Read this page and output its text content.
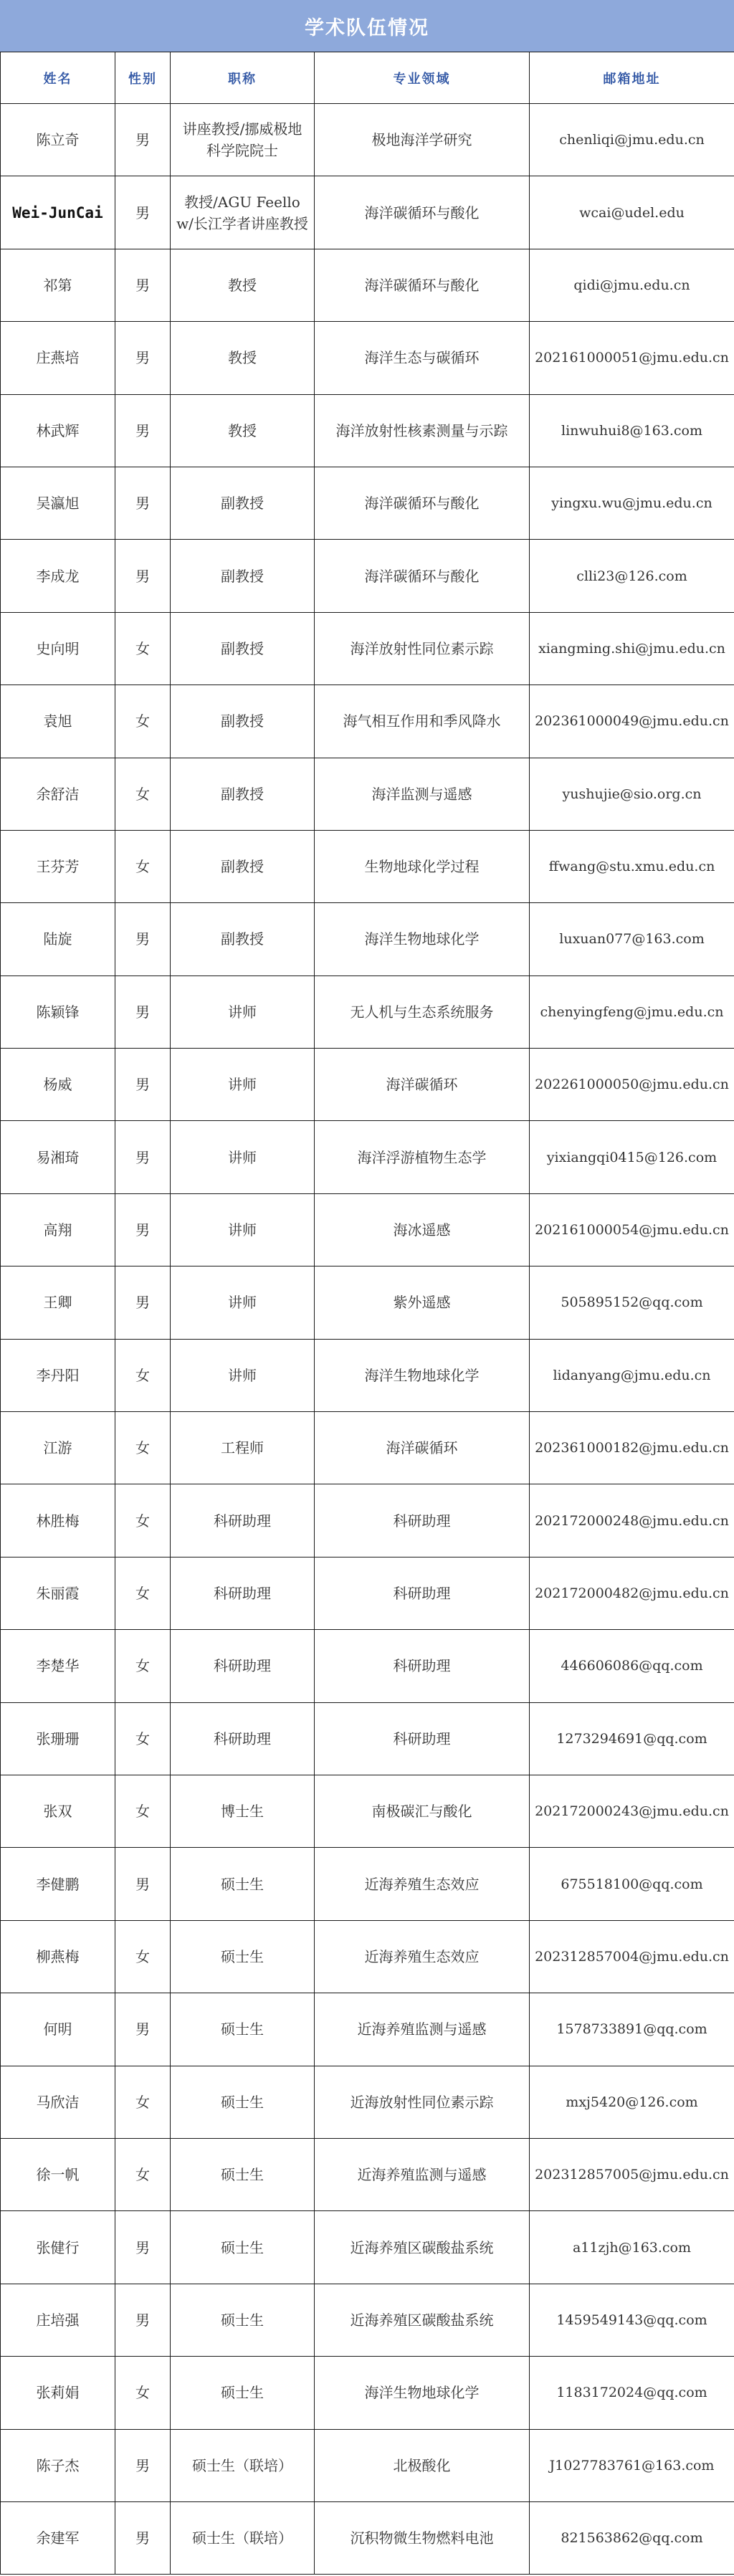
学术队伍情况
姓名	性别	职称	专业领域	邮箱地址
陈立奇	男	讲座教授/挪威极地科学院院士	极地海洋学研究	chenliqi@jmu.edu.cn
Wei-JunCai	男	教授/AGU Feellow/长江学者讲座教授	海洋碳循环与酸化	wcai@udel.edu
祁第	男	教授	海洋碳循环与酸化	qidi@jmu.edu.cn
庄燕培	男	教授	海洋生态与碳循环	202161000051@jmu.edu.cn
林武辉	男	教授	海洋放射性核素测量与示踪	linwuhui8@163.com
吴瀛旭	男	副教授	海洋碳循环与酸化	yingxu.wu@jmu.edu.cn
李成龙	男	副教授	海洋碳循环与酸化	clli23@126.com
史向明	女	副教授	海洋放射性同位素示踪	xiangming.shi@jmu.edu.cn
袁旭	女	副教授	海气相互作用和季风降水	202361000049@jmu.edu.cn
余舒洁	女	副教授	海洋监测与遥感	yushujie@sio.org.cn
王芬芳	女	副教授	生物地球化学过程	ffwang@stu.xmu.edu.cn
陆旋	男	副教授	海洋生物地球化学	luxuan077@163.com
陈颖锋	男	讲师	无人机与生态系统服务	chenyingfeng@jmu.edu.cn
杨威	男	讲师	海洋碳循环	202261000050@jmu.edu.cn
易湘琦	男	讲师	海洋浮游植物生态学	yixiangqi0415@126.com
高翔	男	讲师	海冰遥感	202161000054@jmu.edu.cn
王卿	男	讲师	紫外遥感	505895152@qq.com
李丹阳	女	讲师	海洋生物地球化学	lidanyang@jmu.edu.cn
江游	女	工程师	海洋碳循环	202361000182@jmu.edu.cn
林胜梅	女	科研助理	科研助理	202172000248@jmu.edu.cn
朱丽霞	女	科研助理	科研助理	202172000482@jmu.edu.cn
李楚华	女	科研助理	科研助理	446606086@qq.com
张珊珊	女	科研助理	科研助理	1273294691@qq.com
张双	女	博士生	南极碳汇与酸化	202172000243@jmu.edu.cn
李健鹏	男	硕士生	近海养殖生态效应	675518100@qq.com
柳燕梅	女	硕士生	近海养殖生态效应	202312857004@jmu.edu.cn
何明	男	硕士生	近海养殖监测与遥感	1578733891@qq.com
马欣洁	女	硕士生	近海放射性同位素示踪	mxj5420@126.com
徐一帆	女	硕士生	近海养殖监测与遥感	202312857005@jmu.edu.cn
张健行	男	硕士生	近海养殖区碳酸盐系统	a11zjh@163.com
庄培强	男	硕士生	近海养殖区碳酸盐系统	1459549143@qq.com
张莉娟	女	硕士生	海洋生物地球化学	1183172024@qq.com
陈子杰	男	硕士生（联培）	北极酸化	J1027783761@163.com
余建军	男	硕士生（联培）	沉积物微生物燃料电池	821563862@qq.com
